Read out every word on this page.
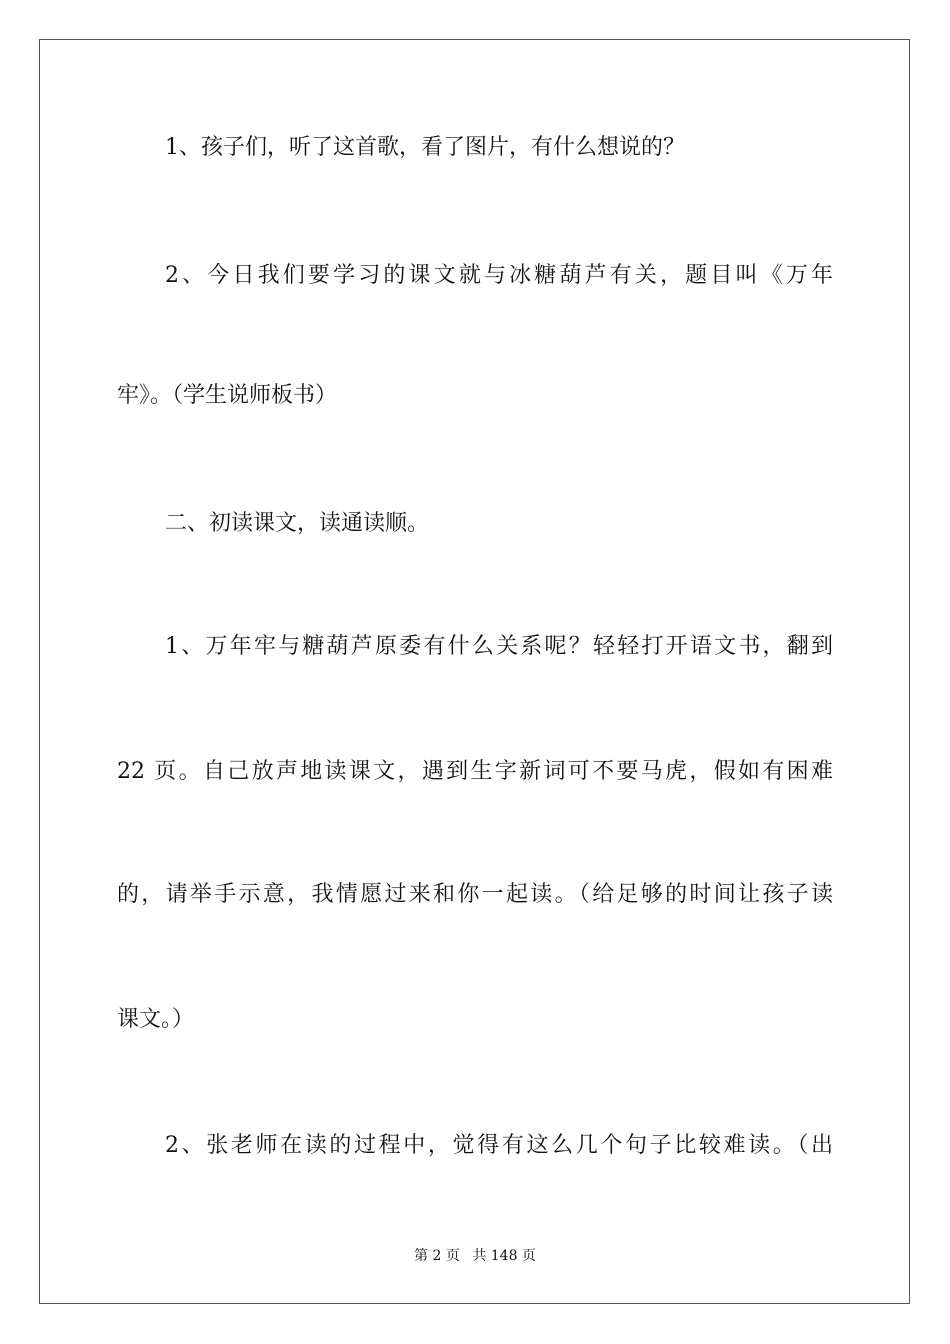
1、孩子们，听了这首歌，看了图片，有什么想说的？
2、今日我们要学习的课文就与冰糖葫芦有关，题目叫《万年
牢》。（学生说师板书）
二、初读课文，读通读顺。
1、万年牢与糖葫芦原委有什么关系呢？轻轻打开语文书，翻到
22 页。自己放声地读课文，遇到生字新词可不要马虎，假如有困难
的，请举手示意，我情愿过来和你一起读。（给足够的时间让孩子读
课文。）
2、张老师在读的过程中，觉得有这么几个句子比较难读。（出
第 2 页 共 148 页
